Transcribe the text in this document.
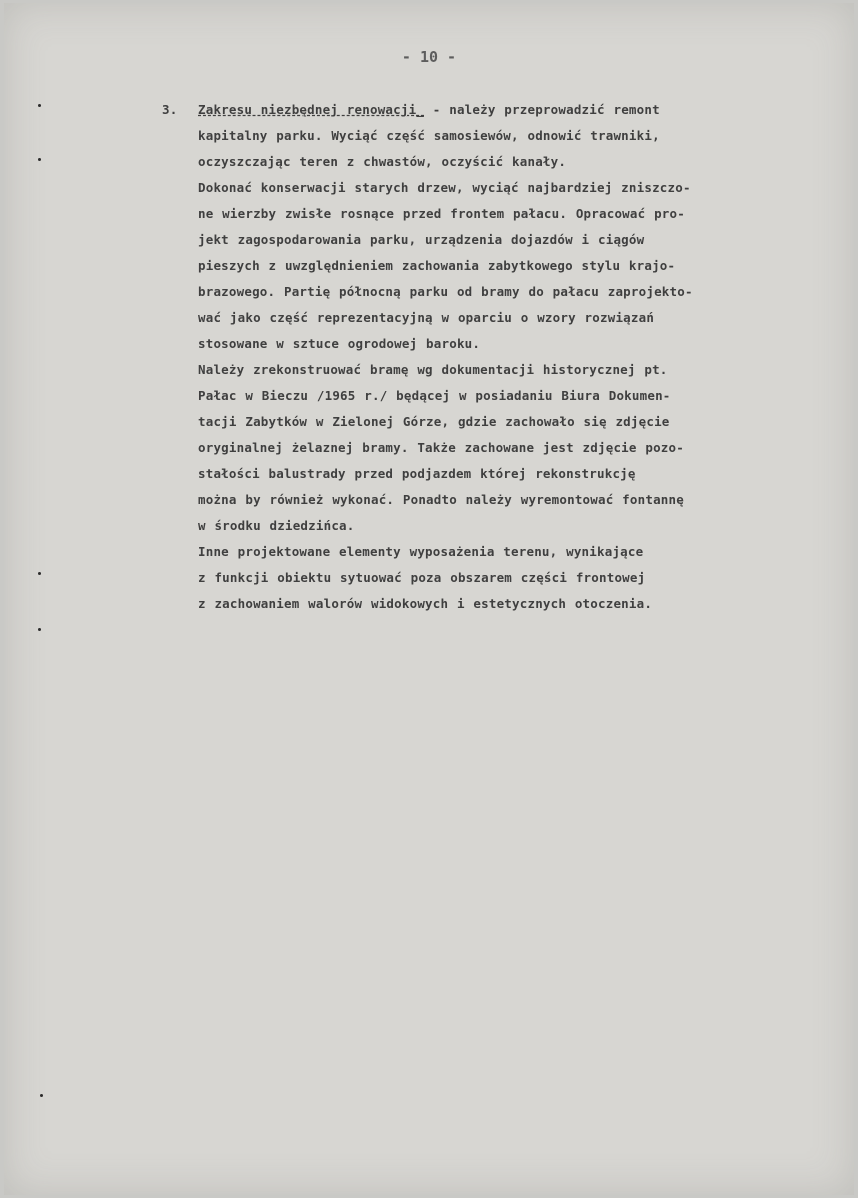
- 10 -
3. Zakresu niezbędnej renowacji_ - należy przeprowadzić remont
kapitalny parku. Wyciąć część samosiewów, odnowić trawniki,
oczyszczając teren z chwastów, oczyścić kanały.
Dokonać konserwacji starych drzew, wyciąć najbardziej zniszczo-
ne wierzby zwisłe rosnące przed frontem pałacu. Opracować pro-
jekt zagospodarowania parku, urządzenia dojazdów i ciągów
pieszych z uwzględnieniem zachowania zabytkowego stylu krajo-
brazowego. Partię północną parku od bramy do pałacu zaprojekto-
wać jako część reprezentacyjną w oparciu o wzory rozwiązań
stosowane w sztuce ogrodowej baroku.
Należy zrekonstruować bramę wg dokumentacji historycznej pt.
Pałac w Bieczu /1965 r./ będącej w posiadaniu Biura Dokumen-
tacji Zabytków w Zielonej Górze, gdzie zachowało się zdjęcie
oryginalnej żelaznej bramy. Także zachowane jest zdjęcie pozo-
stałości balustrady przed podjazdem której rekonstrukcję
można by również wykonać. Ponadto należy wyremontować fontannę
w środku dziedzińca.
Inne projektowane elementy wyposażenia terenu, wynikające
z funkcji obiektu sytuować poza obszarem części frontowej
z zachowaniem walorów widokowych i estetycznych otoczenia.
